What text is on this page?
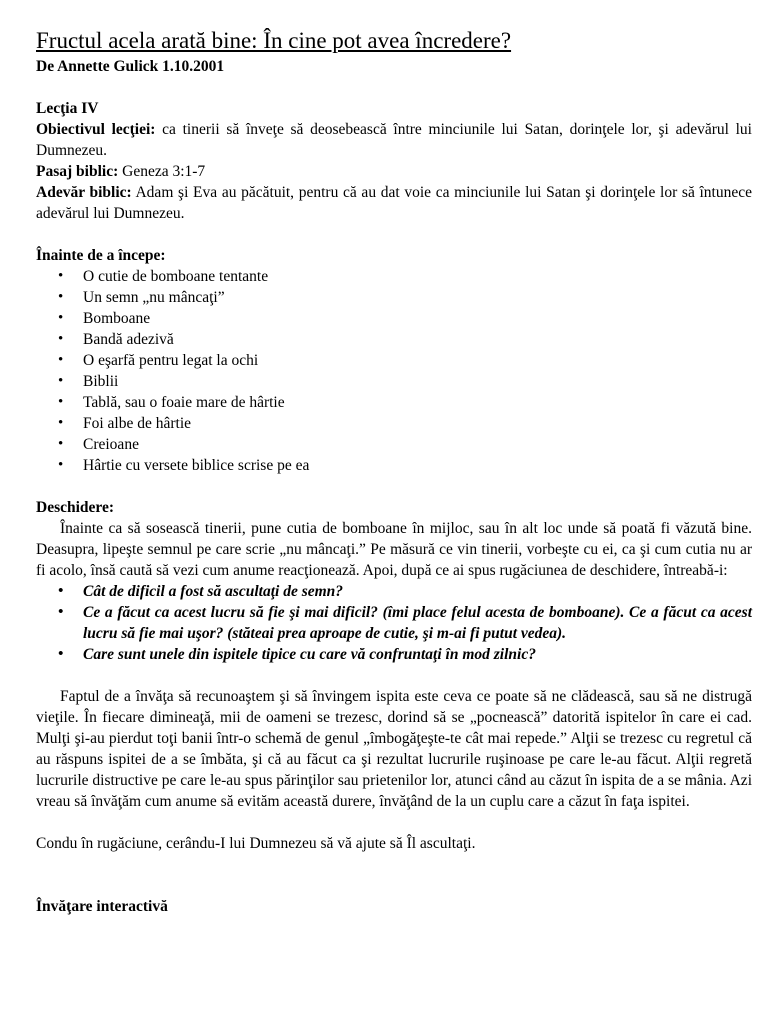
Fructul acela arată bine: În cine pot avea încredere?

De Annette Gulick 1.10.2001

Lecţia IV

Obiectivul lecţiei: ca tinerii să înveţe să deosebească între minciunile lui Satan, dorinţele lor, şi adevărul lui Dumnezeu.

Pasaj biblic: Geneza 3:1-7

Adevăr biblic: Adam şi Eva au păcătuit, pentru că au dat voie ca minciunile lui Satan şi dorinţele lor să întunece adevărul lui Dumnezeu.

Înainte de a începe:

• O cutie de bomboane tentante
• Un semn „nu mâncaţi”
• Bomboane
• Bandă adezivă
• O eşarfă pentru legat la ochi
• Biblii
• Tablă, sau o foaie mare de hârtie
• Foi albe de hârtie
• Creioane
• Hârtie cu versete biblice scrise pe ea

Deschidere:

Înainte ca să sosească tinerii, pune cutia de bomboane în mijloc, sau în alt loc unde să poată fi văzută bine. Deasupra, lipeşte semnul pe care scrie „nu mâncaţi.” Pe măsură ce vin tinerii, vorbeşte cu ei, ca şi cum cutia nu ar fi acolo, însă caută să vezi cum anume reacţionează. Apoi, după ce ai spus rugăciunea de deschidere, întreabă-i:

• Cât de dificil a fost să ascultaţi de semn?
• Ce a făcut ca acest lucru să fie şi mai dificil? (îmi place felul acesta de bomboane). Ce a făcut ca acest lucru să fie mai uşor? (stăteai prea aproape de cutie, şi m-ai fi putut vedea).
• Care sunt unele din ispitele tipice cu care vă confruntaţi în mod zilnic?

Faptul de a învăţa să recunoaştem şi să învingem ispita este ceva ce poate să ne clădească, sau să ne distrugă vieţile. În fiecare dimineaţă, mii de oameni se trezesc, dorind să se „pocnească” datorită ispitelor în care ei cad. Mulţi şi-au pierdut toţi banii într-o schemă de genul „îmbogăţeşte-te cât mai repede.” Alţii se trezesc cu regretul că au răspuns ispitei de a se îmbăta, şi că au făcut ca şi rezultat lucrurile ruşinoase pe care le-au făcut. Alţii regretă lucrurile distructive pe care le-au spus părinţilor sau prietenilor lor, atunci când au căzut în ispita de a se mânia. Azi vreau să învăţăm cum anume să evităm această durere, învăţând de la un cuplu care a căzut în faţa ispitei.

Condu în rugăciune, cerându-I lui Dumnezeu să vă ajute să Îl ascultaţi.

Învăţare interactivă
